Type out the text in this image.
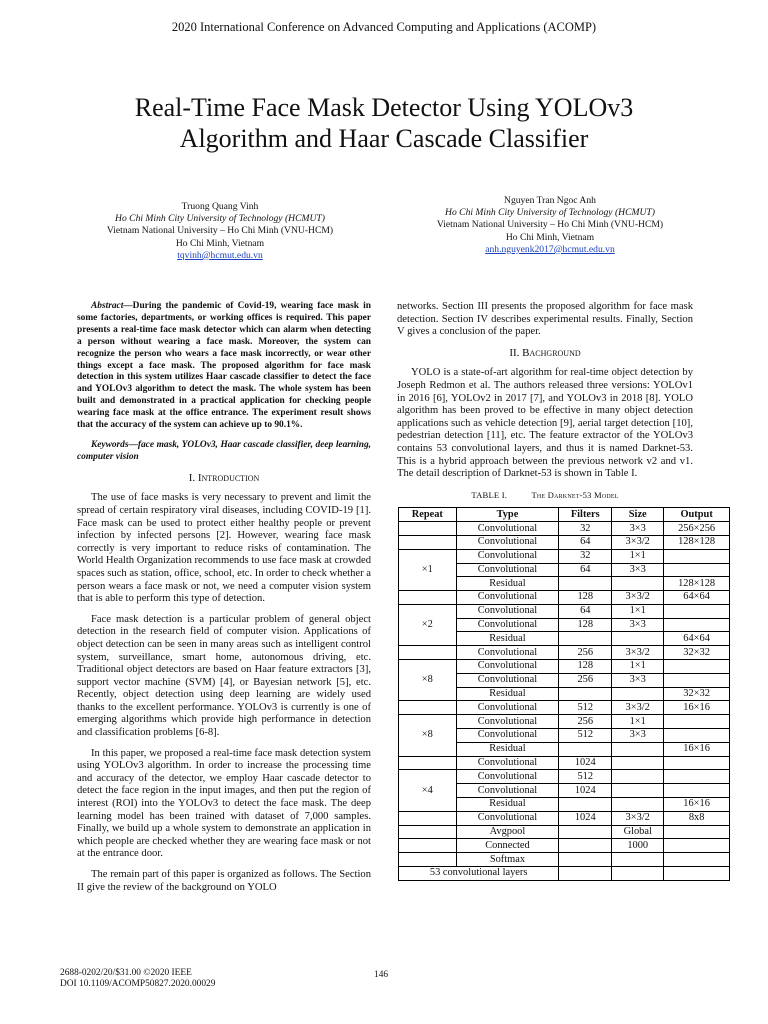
2020 International Conference on Advanced Computing and Applications (ACOMP)
Real-Time Face Mask Detector Using YOLOv3
Algorithm and Haar Cascade Classifier
Truong Quang Vinh
Ho Chi Minh City University of Technology (HCMUT)
Vietnam National University – Ho Chi Minh (VNU-HCM)
Ho Chi Minh, Vietnam
tqvinh@hcmut.edu.vn
Nguyen Tran Ngoc Anh
Ho Chi Minh City University of Technology (HCMUT)
Vietnam National University – Ho Chi Minh (VNU-HCM)
Ho Chi Minh, Vietnam
anh.nguyenk2017@hcmut.edu.vn

Abstract—During the pandemic of Covid-19, wearing face mask in some factories, departments, or working offices is required. This paper presents a real-time face mask detector which can alarm when detecting a person without wearing a face mask. Moreover, the system can recognize the person who wears a face mask incorrectly, or wear other things except a face mask. The proposed algorithm for face mask detection in this system utilizes Haar cascade classifier to detect the face and YOLOv3 algorithm to detect the mask. The whole system has been built and demonstrated in a practical application for checking people wearing face mask at the office entrance. The experiment result shows that the accuracy of the system can achieve up to 90.1%.

Keywords—face mask, YOLOv3, Haar cascade classifier, deep learning, computer vision

I. Introduction

The use of face masks is very necessary to prevent and limit the spread of certain respiratory viral diseases, including COVID-19 [1]. Face mask can be used to protect either healthy people or prevent infection by infected persons [2]. However, wearing face mask correctly is very important to reduce risks of contamination. The World Health Organization recommends to use face mask at crowded spaces such as station, office, school, etc. In order to check whether a person wears a face mask or not, we need a computer vision system that is able to perform this type of detection.

Face mask detection is a particular problem of general object detection in the research field of computer vision. Applications of object detection can be seen in many areas such as intelligent control system, surveillance, smart home, autonomous driving, etc. Traditional object detectors are based on Haar feature extractors [3], support vector machine (SVM) [4], or Bayesian network [5], etc. Recently, object detection using deep learning are widely used thanks to the excellent performance. YOLOv3 is currently is one of emerging algorithms which provide high performance in detection and classification problems [6-8].

In this paper, we proposed a real-time face mask detection system using YOLOv3 algorithm. In order to increase the processing time and accuracy of the detector, we employ Haar cascade detector to detect the face region in the input images, and then put the region of interest (ROI) into the YOLOv3 to detect the face mask. The deep learning model has been trained with dataset of 7,000 samples. Finally, we build up a whole system to demonstrate an application in which people are checked whether they are wearing face mask or not at the entrance door.

The remain part of this paper is organized as follows. The Section II give the review of the background on YOLO

networks. Section III presents the proposed algorithm for face mask detection. Section IV describes experimental results. Finally, Section V gives a conclusion of the paper.

II. Bachground

YOLO is a state-of-art algorithm for real-time object detection by Joseph Redmon et al. The authors released three versions: YOLOv1 in 2016 [6], YOLOv2 in 2017 [7], and YOLOv3 in 2018 [8]. YOLO algorithm has been proved to be effective in many object detection applications such as vehicle detection [9], aerial target detection [10], pedestrian detection [11], etc. The feature extractor of the YOLOv3 contains 53 convolutional layers, and thus it is named Darknet-53. This is a hybrid approach between the previous network v2 and v1. The detail description of Darknet-53 is shown in Table I.

TABLE I.	The Darknet-53 Model
Repeat	Type	Filters	Size	Output
	Convolutional	32	3×3	256×256
	Convolutional	64	3×3/2	128×128
×1	Convolutional	32	1×1	
	Convolutional	64	3×3	
	Residual			128×128
	Convolutional	128	3×3/2	64×64
×2	Convolutional	64	1×1	
	Convolutional	128	3×3	
	Residual			64×64
	Convolutional	256	3×3/2	32×32
×8	Convolutional	128	1×1	
	Convolutional	256	3×3	
	Residual			32×32
	Convolutional	512	3×3/2	16×16
×8	Convolutional	256	1×1	
	Convolutional	512	3×3	
	Residual			16×16
	Convolutional	1024		
×4	Convolutional	512		
	Convolutional	1024		
	Residual			16×16
	Convolutional	1024	3×3/2	8x8
	Avgpool		Global	
	Connected		1000	
	Softmax			
53 convolutional layers				
2688-0202/20/$31.00 ©2020 IEEE
DOI 10.1109/ACOMP50827.2020.00029
146
